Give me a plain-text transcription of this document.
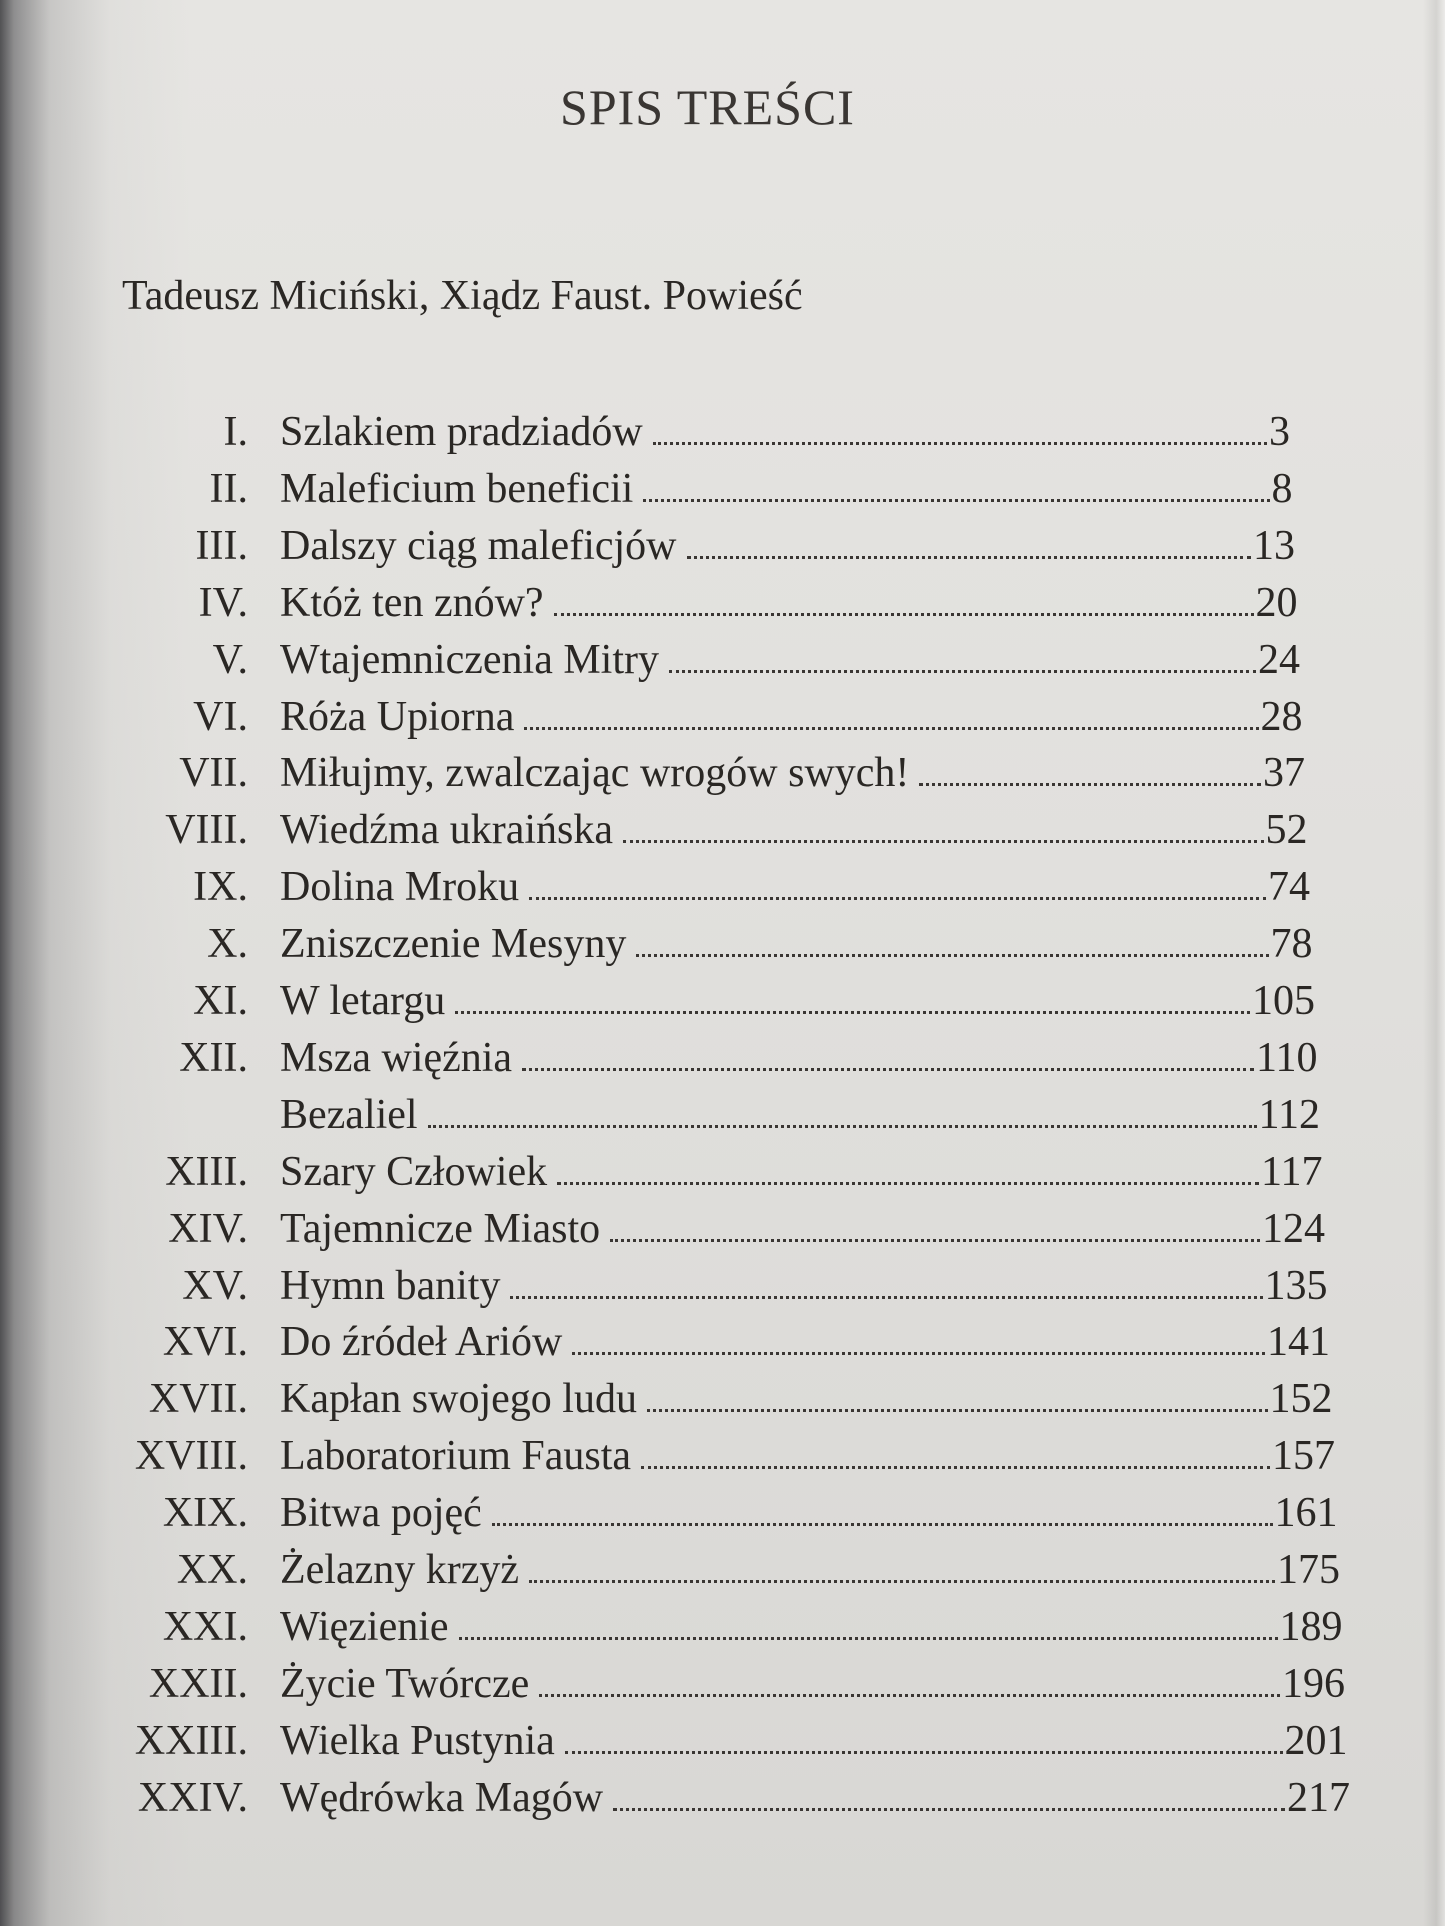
SPIS TREŚCI
Tadeusz Miciński, Xiądz Faust. Powieść
I. Szlakiem pradziadów	3
II. Maleficium beneficii	8
III. Dalszy ciąg maleficjów	13
IV. Któż ten znów?	20
V. Wtajemniczenia Mitry	24
VI. Róża Upiorna	28
VII. Miłujmy, zwalczając wrogów swych!	37
VIII. Wiedźma ukraińska	52
IX. Dolina Mroku	74
X. Zniszczenie Mesyny	78
XI. W letargu	105
XII. Msza więźnia	110
Bezaliel	112
XIII. Szary Człowiek	117
XIV. Tajemnicze Miasto	124
XV. Hymn banity	135
XVI. Do źródeł Ariów	141
XVII. Kapłan swojego ludu	152
XVIII. Laboratorium Fausta	157
XIX. Bitwa pojęć	161
XX. Żelazny krzyż	175
XXI. Więzienie	189
XXII. Życie Twórcze	196
XXIII. Wielka Pustynia	201
XXIV. Wędrówka Magów	217
